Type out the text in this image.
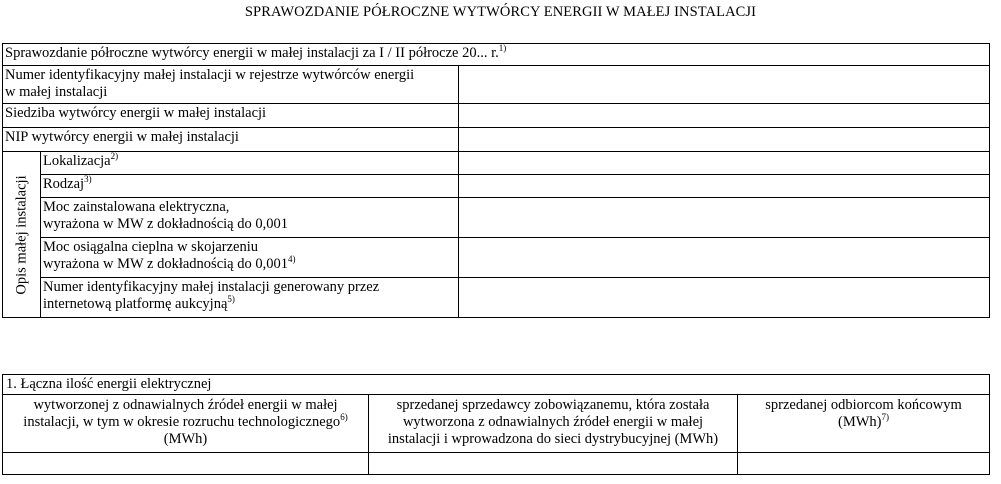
SPRAWOZDANIE PÓŁROCZNE WYTWÓRCY ENERGII W MAŁEJ INSTALACJI
Sprawozdanie półroczne wytwórcy energii w małej instalacji za I / II półrocze 20... r.$^{1)}$
Numer identyfikacyjny małej instalacji w rejestrze wytwórców energii
w małej instalacji		
Siedziba wytwórcy energii w małej instalacji		
NIP wytwórcy energii w małej instalacji		

Opis małej instalacji	Lokalizacja$^{2)}$	
	Rodzaj$^{3)}$	
	Moc zainstalowana elektryczna,
wyrażona w MW z dokładnością do 0,001	
	Moc osiągalna cieplna w skojarzeniu
wyrażona w MW z dokładnością do 0,001$^{4)}$	
	Numer identyfikacyjny małej instalacji generowany przez
internetową platformę aukcyjną$^{5)}$	
1. Łączna ilość energii elektrycznej		
wytworzonej z odnawialnych źródeł energii w małej
instalacji, w tym w okresie rozruchu technologicznego$^{6)}$
(MWh)	sprzedanej sprzedawcy zobowiązanemu, która została
wytworzona z odnawialnych źródeł energii w małej
instalacji i wprowadzona do sieci dystrybucyjnej (MWh)	sprzedanej odbiorcom końcowym
(MWh)$^{7)}$
